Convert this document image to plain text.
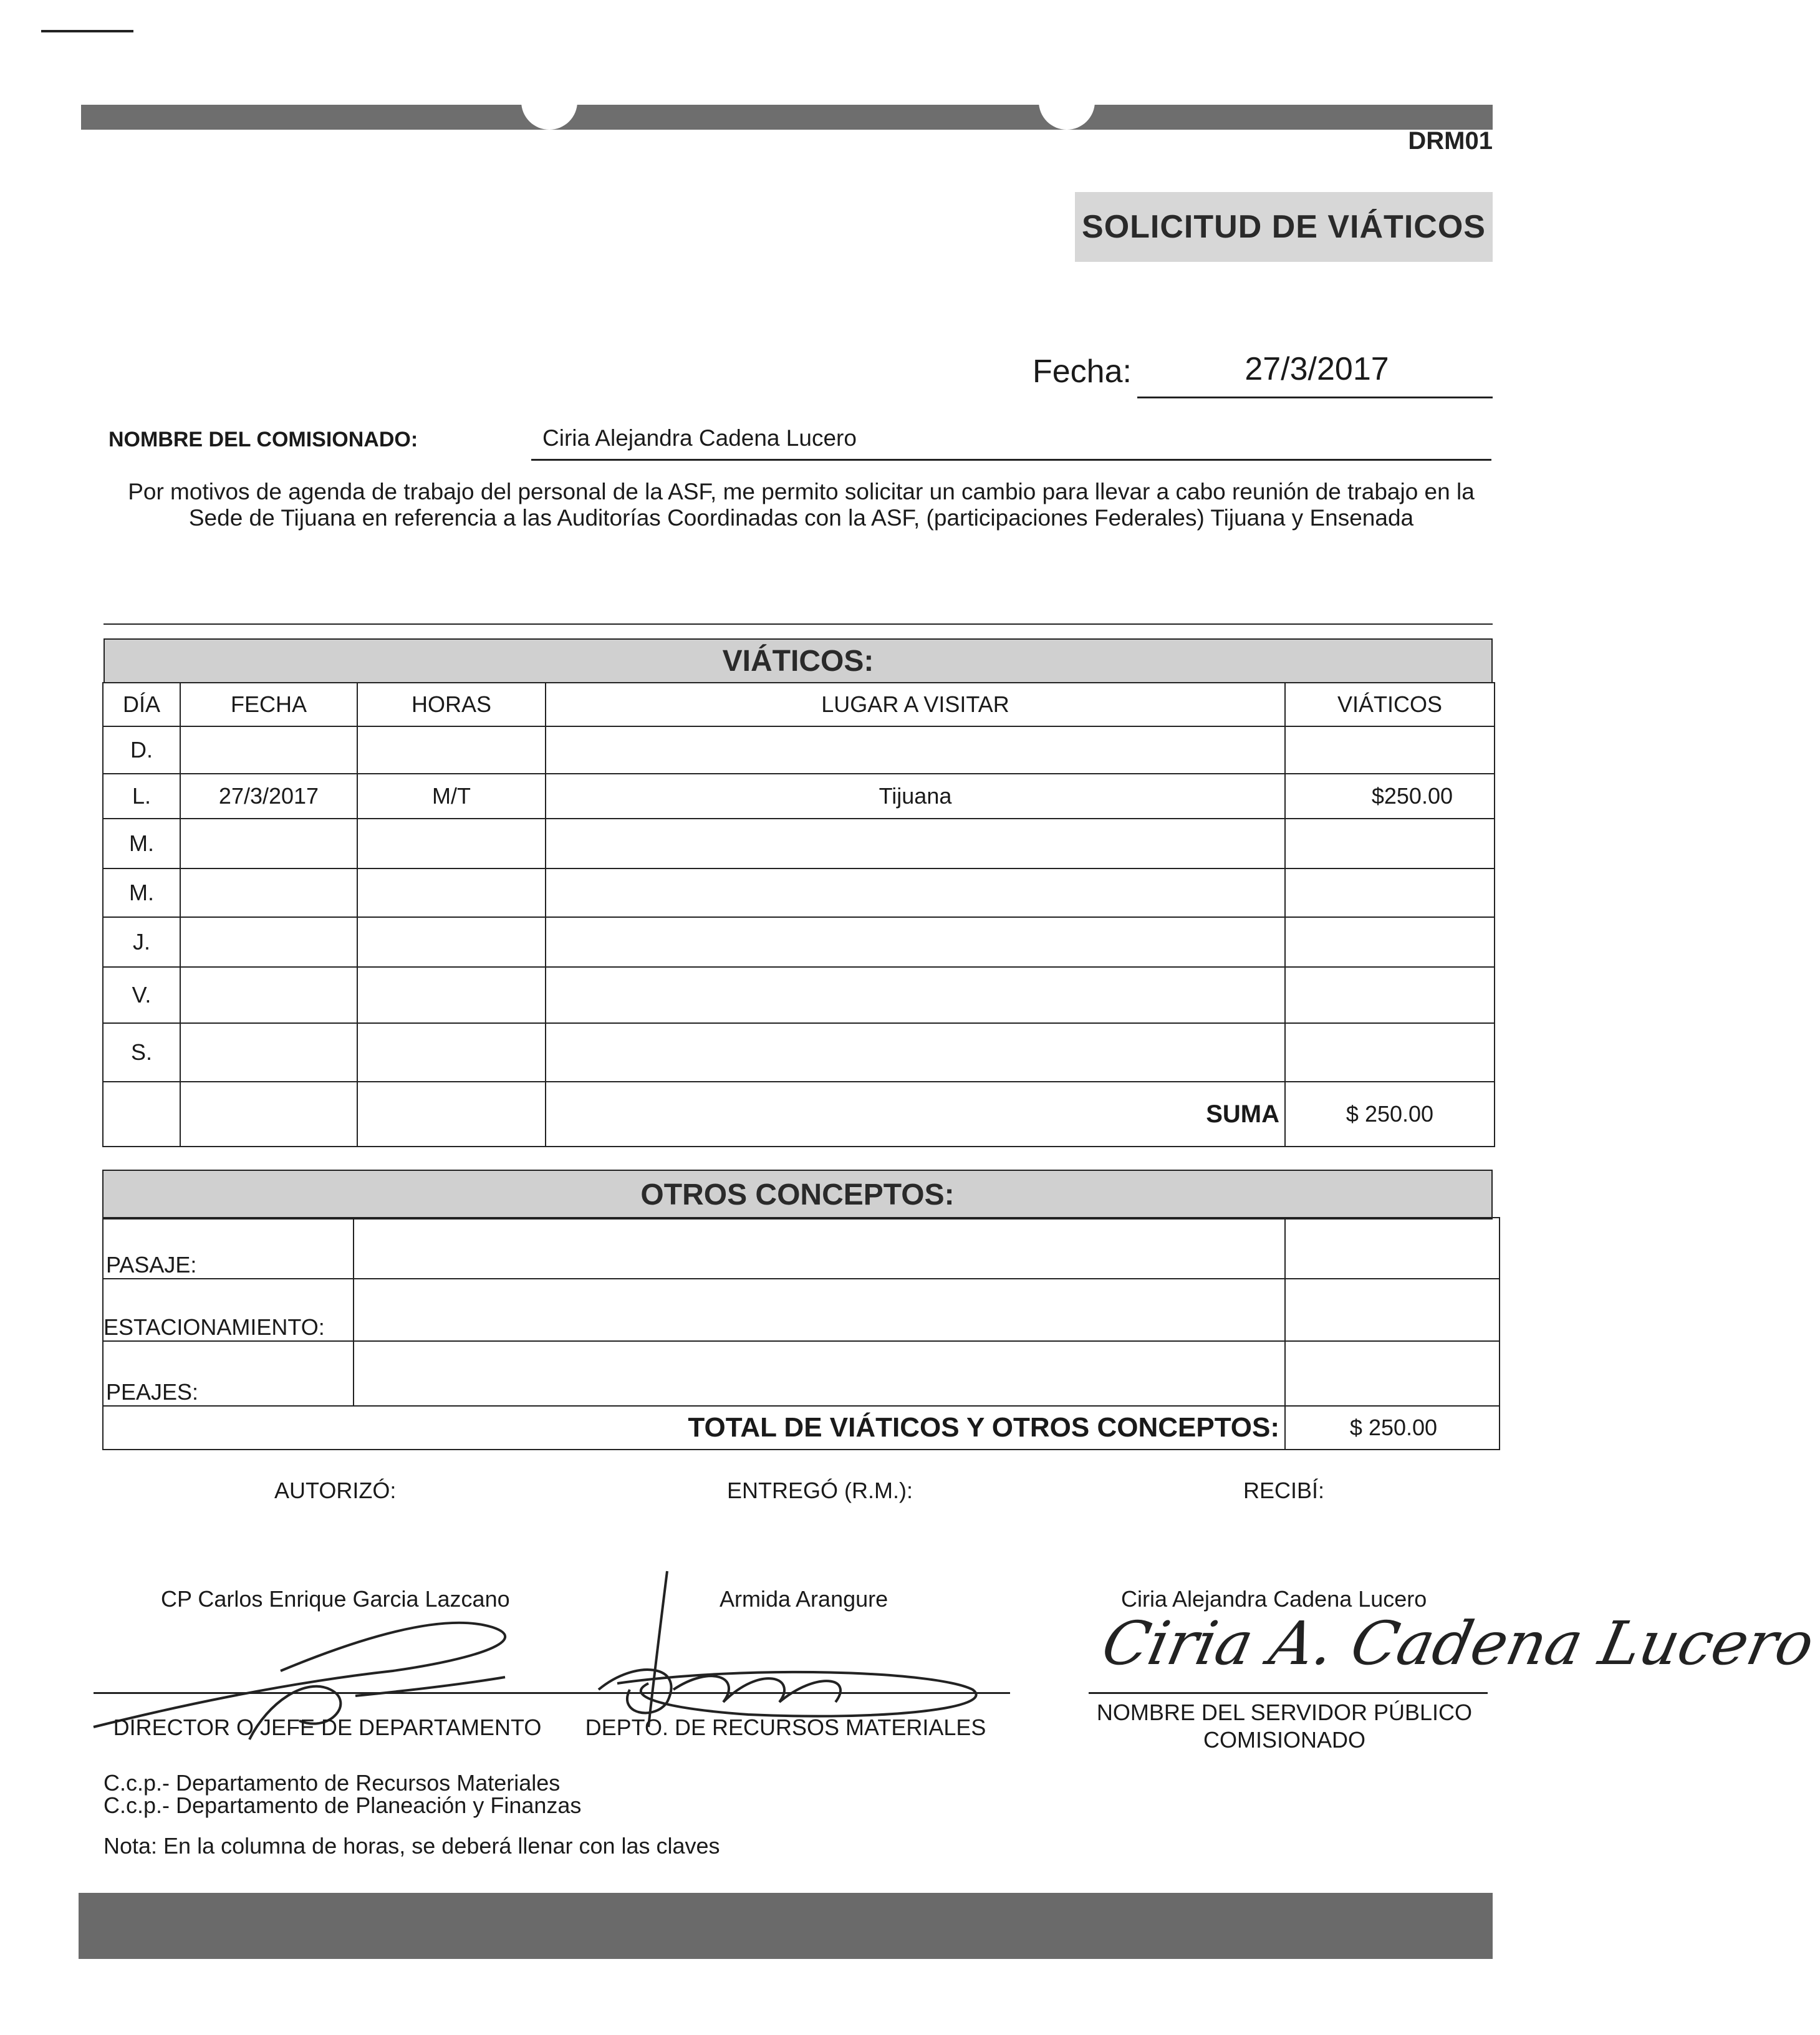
DRM01
SOLICITUD DE VIÁTICOS
Fecha:	27/3/2017
NOMBRE DEL COMISIONADO:	Ciria Alejandra Cadena Lucero
Por motivos de agenda de trabajo del personal de la ASF, me permito solicitar un cambio para llevar a cabo reunión de trabajo en la Sede de Tijuana en referencia a las Auditorías Coordinadas con la ASF, (participaciones Federales) Tijuana y Ensenada
VIÁTICOS:
DÍA	FECHA	HORAS	LUGAR A VISITAR	VIÁTICOS
D.				
L.	27/3/2017	M/T	Tijuana	$250.00
M.				
M.				
J.				
V.				
S.				
			SUMA	$ 250.00
OTROS CONCEPTOS:
PASAJE:		
ESTACIONAMIENTO:		
PEAJES:		
TOTAL DE VIÁTICOS Y OTROS CONCEPTOS:		$ 250.00
AUTORIZÓ:	ENTREGÓ (R.M.):	RECIBÍ:
CP Carlos Enrique Garcia Lazcano	Armida Arangure	Ciria Alejandra Cadena Lucero
Ciria A. Cadena Lucero
DIRECTOR O JEFE DE DEPARTAMENTO	DEPTO. DE RECURSOS MATERIALES
NOMBRE DEL SERVIDOR PÚBLICO
COMISIONADO
C.c.p.- Departamento de Recursos Materiales
C.c.p.- Departamento de Planeación y Finanzas
Nota: En la columna de horas, se deberá llenar con las claves
